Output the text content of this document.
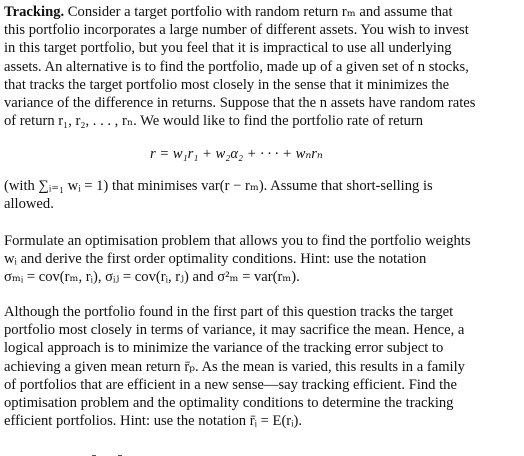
Tracking. Consider a target portfolio with random return rₘ and assume that
this portfolio incorporates a large number of different assets. You wish to invest
in this target portfolio, but you feel that it is impractical to use all underlying
assets. An alternative is to find the portfolio, made up of a given set of n stocks,
that tracks the target portfolio most closely in the sense that it minimizes the
variance of the difference in returns. Suppose that the n assets have random rates
of return r₁, r₂, . . . , rₙ. We would like to find the portfolio rate of return
r = w₁r₁ + w₂α₂ + · · · + wₙrₙ
(with ∑ᵢ₌₁ wᵢ = 1) that minimises var(r − rₘ). Assume that short-selling is
allowed.
Formulate an optimisation problem that allows you to find the portfolio weights
wᵢ and derive the first order optimality conditions. Hint: use the notation
σₘᵢ = cov(rₘ, rᵢ), σᵢⱼ = cov(rᵢ, rⱼ) and σ²ₘ = var(rₘ).
Although the portfolio found in the first part of this question tracks the target
portfolio most closely in terms of variance, it may sacrifice the mean. Hence, a
logical approach is to minimize the variance of the tracking error subject to
achieving a given mean return r̄ₚ. As the mean is varied, this results in a family
of portfolios that are efficient in a new sense—say tracking efficient. Find the
optimisation problem and the optimality conditions to determine the tracking
efficient portfolios. Hint: use the notation r̄ᵢ = E(rᵢ).
